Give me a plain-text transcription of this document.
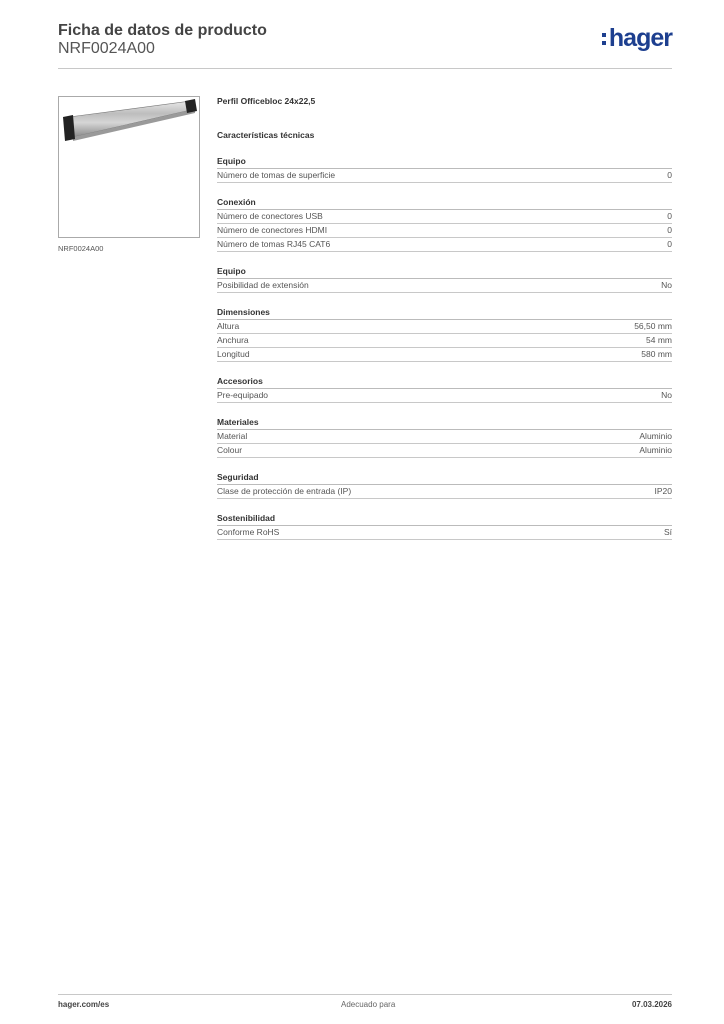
Ficha de datos de producto
NRF0024A00	hager
NRF0024A00
Perfil Officebloc 24x22,5
Características técnicas
Equipo
Número de tomas de superficie	0
Conexión
Número de conectores USB	0
Número de conectores HDMI	0
Número de tomas RJ45 CAT6	0
Equipo
Posibilidad de extensión	No
Dimensiones
Altura	56,50 mm
Anchura	54 mm
Longitud	580 mm
Accesorios
Pre-equipado	No
Materiales
Material	Aluminio
Colour	Aluminio
Seguridad
Clase de protección de entrada (IP)	IP20
Sostenibilidad
Conforme RoHS	Sí
hager.com/es	Adecuado para	07.03.2026
